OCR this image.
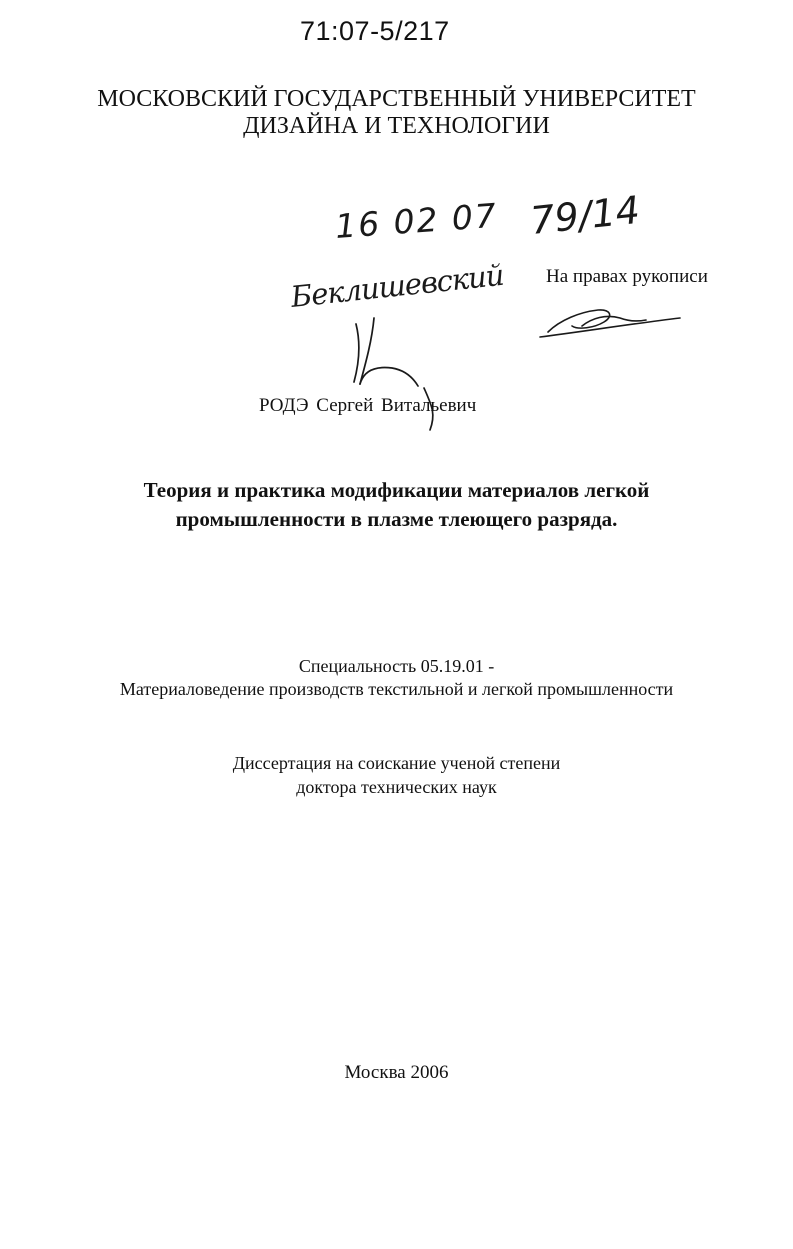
71:07-5/217
МОСКОВСКИЙ ГОСУДАРСТВЕННЫЙ УНИВЕРСИТЕТ
ДИЗАЙНА И ТЕХНОЛОГИИ
16 02 07 79/14
Беклишевский На правах рукописи
РОДЭ Сергей Витальевич
Теория и практика модификации материалов легкой
промышленности в плазме тлеющего разряда.
Специальность 05.19.01 -
Материаловедение производств текстильной и легкой промышленности
Диссертация на соискание ученой степени
доктора технических наук
Москва 2006
